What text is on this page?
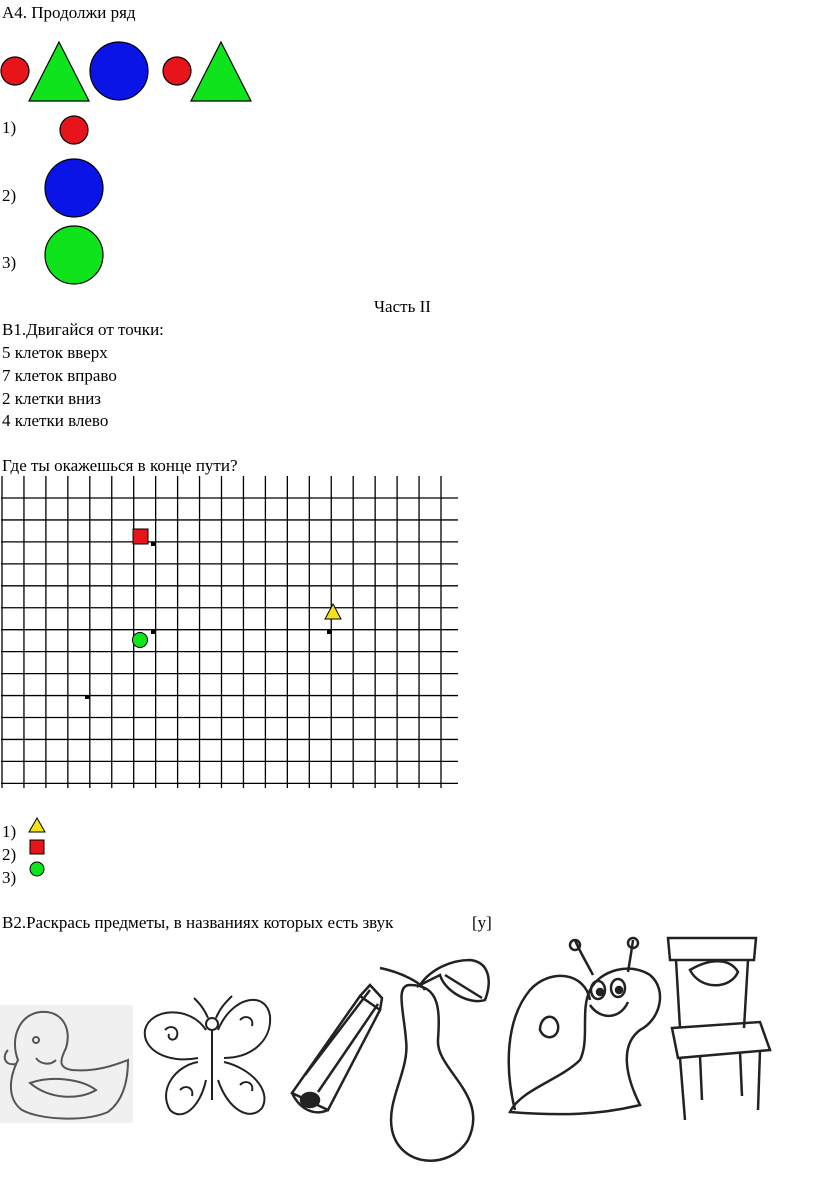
А4. Продолжи ряд
1)
2)
3)
Часть II
В1.Двигайся от точки:
5 клеток вверх
7 клеток вправо
2 клетки вниз
4 клетки влево
Где ты окажешься в конце пути?
1)
2)
3)
В2.Раскрась предметы, в названиях которых есть звук	[у]
